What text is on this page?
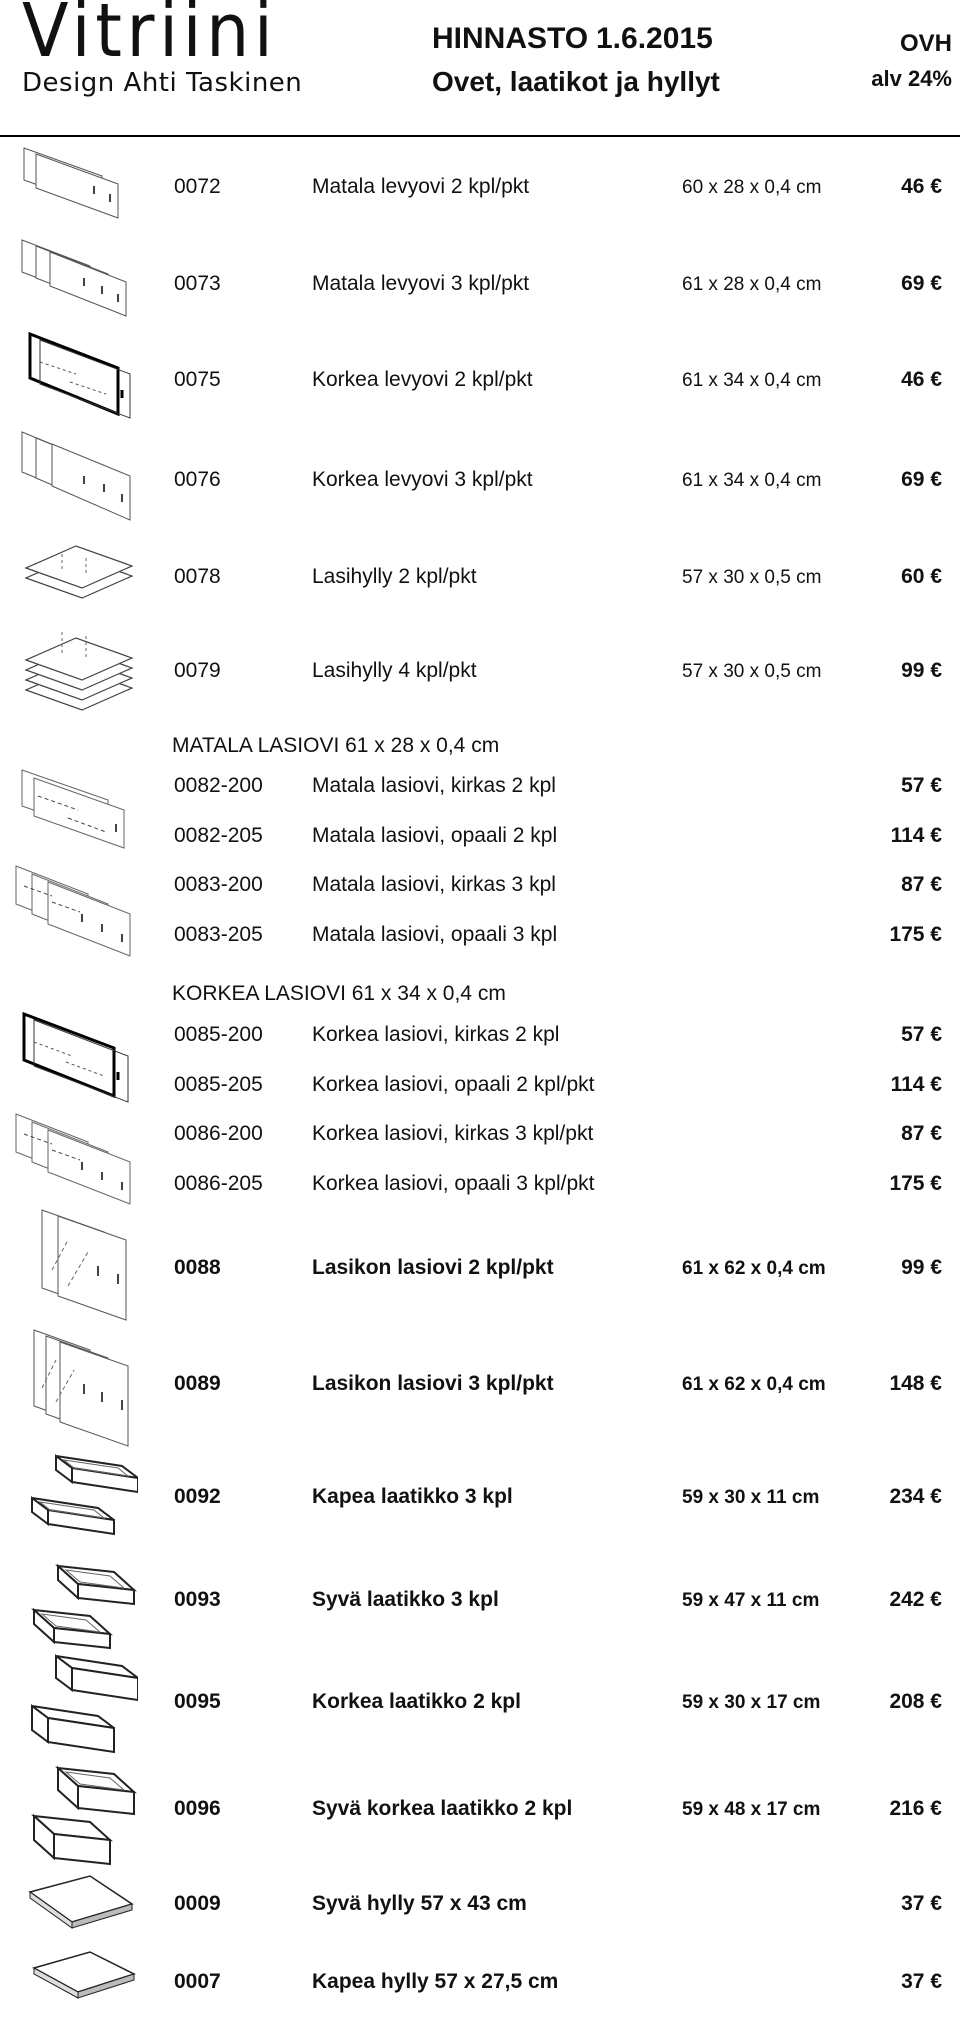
Vitriini
Design Ahti Taskinen
HINNASTO 1.6.2015
Ovet, laatikot ja hyllyt
OVH
alv 24%
MATALA LASIOVI 61 x 28 x 0,4 cm
KORKEA LASIOVI 61 x 34 x 0,4 cm
0072	Matala levyovi 2 kpl/pkt	60 x 28 x 0,4 cm	46 €
0073	Matala levyovi 3 kpl/pkt	61 x 28 x 0,4 cm	69 €
0075	Korkea levyovi 2 kpl/pkt	61 x 34 x 0,4 cm	46 €
0076	Korkea levyovi 3 kpl/pkt	61 x 34 x 0,4 cm	69 €
0078	Lasihylly 2 kpl/pkt	57 x 30 x 0,5 cm	60 €
0079	Lasihylly 4 kpl/pkt	57 x 30 x 0,5 cm	99 €
0082-200 Matala lasiovi, kirkas 2 kpl	57 €
0082-205 Matala lasiovi, opaali 2 kpl	114 €
0083-200 Matala lasiovi, kirkas 3 kpl	87 €
0083-205 Matala lasiovi, opaali 3 kpl	175 €
0085-200 Korkea lasiovi, kirkas 2 kpl	57 €
0085-205 Korkea lasiovi, opaali 2 kpl/pkt	114 €
0086-200 Korkea lasiovi, kirkas 3 kpl/pkt	87 €
0086-205 Korkea lasiovi, opaali 3 kpl/pkt	175 €
0088	Lasikon lasiovi 2 kpl/pkt	61 x 62 x 0,4 cm	99 €
0089	Lasikon lasiovi 3 kpl/pkt	61 x 62 x 0,4 cm	148 €
0092	Kapea laatikko 3 kpl	59 x 30 x 11 cm	234 €
0093	Syvä laatikko 3 kpl	59 x 47 x 11 cm	242 €
0095	Korkea laatikko 2 kpl	59 x 30 x 17 cm	208 €
0096	Syvä korkea laatikko 2 kpl	59 x 48 x 17 cm	216 €
0009	Syvä hylly 57 x 43 cm	37 €
0007	Kapea hylly 57 x 27,5 cm	37 €
